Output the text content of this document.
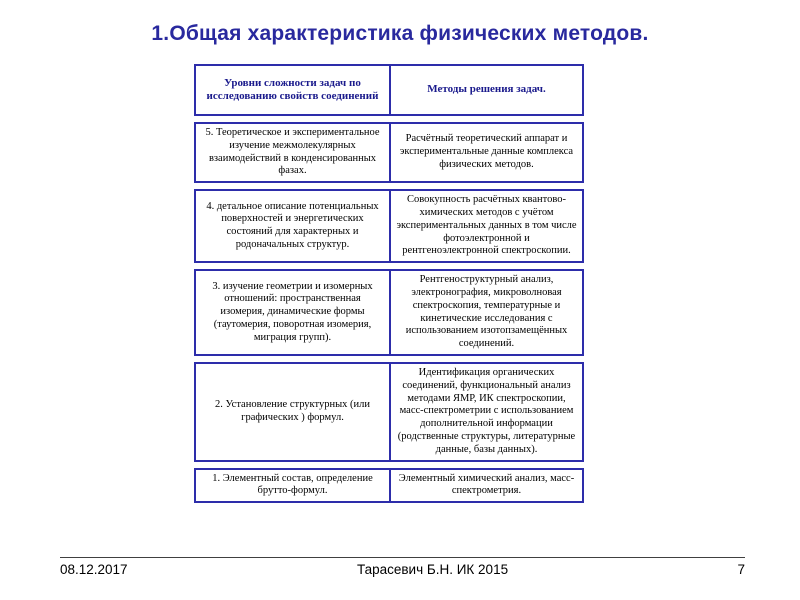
1.Общая характеристика физических методов.
Уровни сложности задач по исследованию свойств соединений
Методы решения задач.
5. Теоретическое и экспериментальное изучение межмолекулярных взаимодействий в конденсированных фазах.
Расчётный теоретический аппарат и экспериментальные данные комплекса физических методов.
4. детальное описание потенциальных поверхностей и энергетических состояний для характерных и родоначальных структур.
Совокупность расчётных квантово-химических методов с учётом экспериментальных данных в том числе фотоэлектронной и рентгеноэлектронной спектроскопии.
3. изучение геометрии и изомерных отношений: пространственная изомерия, динамические формы (таутомерия, поворотная изомерия, миграция групп).
Рентгеноструктурный анализ, электронография, микроволновая спектроскопия, температурные и кинетические исследования с использованием изотопзамещённых соединений.
2. Установление структурных (или графических ) формул.
Идентификация органических соединений, функциональный анализ методами ЯМР, ИК спектроскопии, масс-спектрометрии с использованием дополнительной информации (родственные структуры, литературные данные, базы данных).
1. Элементный состав, определение брутто-формул.
Элементный химический анализ, масс-спектрометрия.
08.12.2017	Тарасевич Б.Н. ИК 2015	7
